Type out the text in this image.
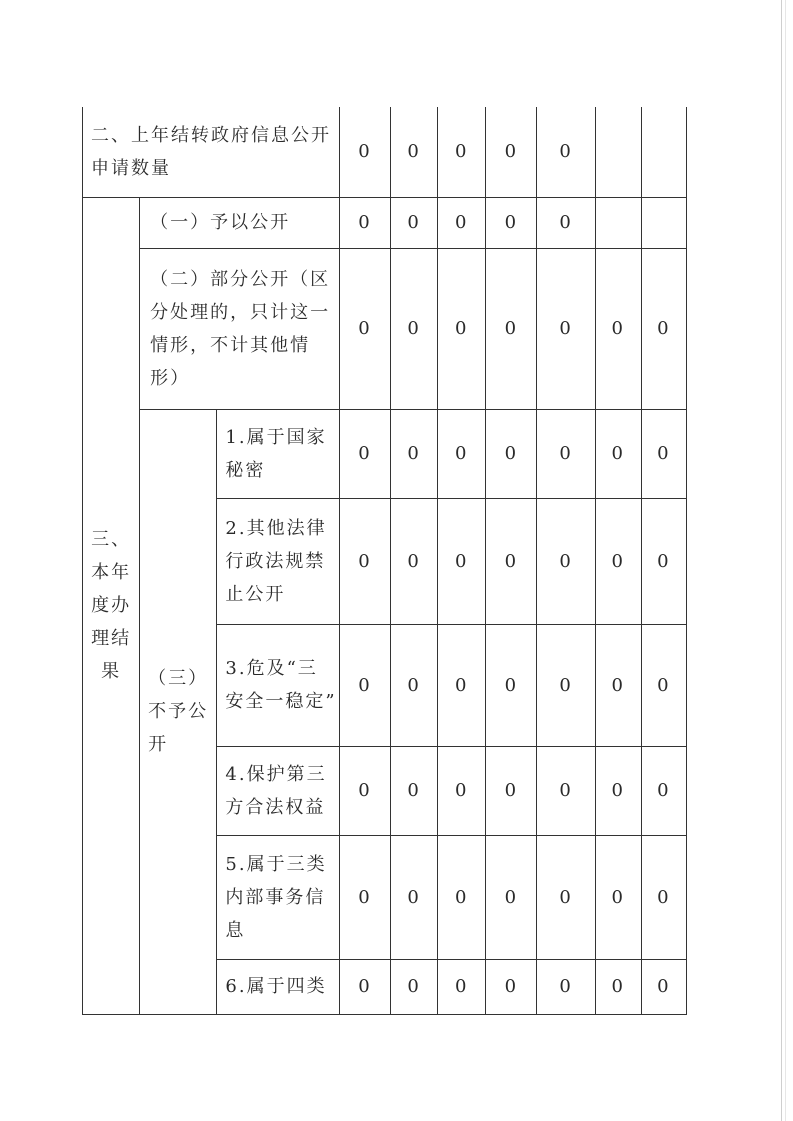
二、上年结转政府信息公开申请数量			0	0	0	0	0		
三、本年度办理结果	（一）予以公开		0	0	0	0	0		
	（二）部分公开（区分处理的，只计这一情形，不计其他情形）		0	0	0	0	0	0	0
	（三）不予公开	1.属于国家秘密	0	0	0	0	0	0	0
		2.其他法律行政法规禁止公开	0	0	0	0	0	0	0
		3.危及“三安全一稳定”	0	0	0	0	0	0	0
		4.保护第三方合法权益	0	0	0	0	0	0	0
		5.属于三类内部事务信息	0	0	0	0	0	0	0
		6.属于四类	0	0	0	0	0	0	0
